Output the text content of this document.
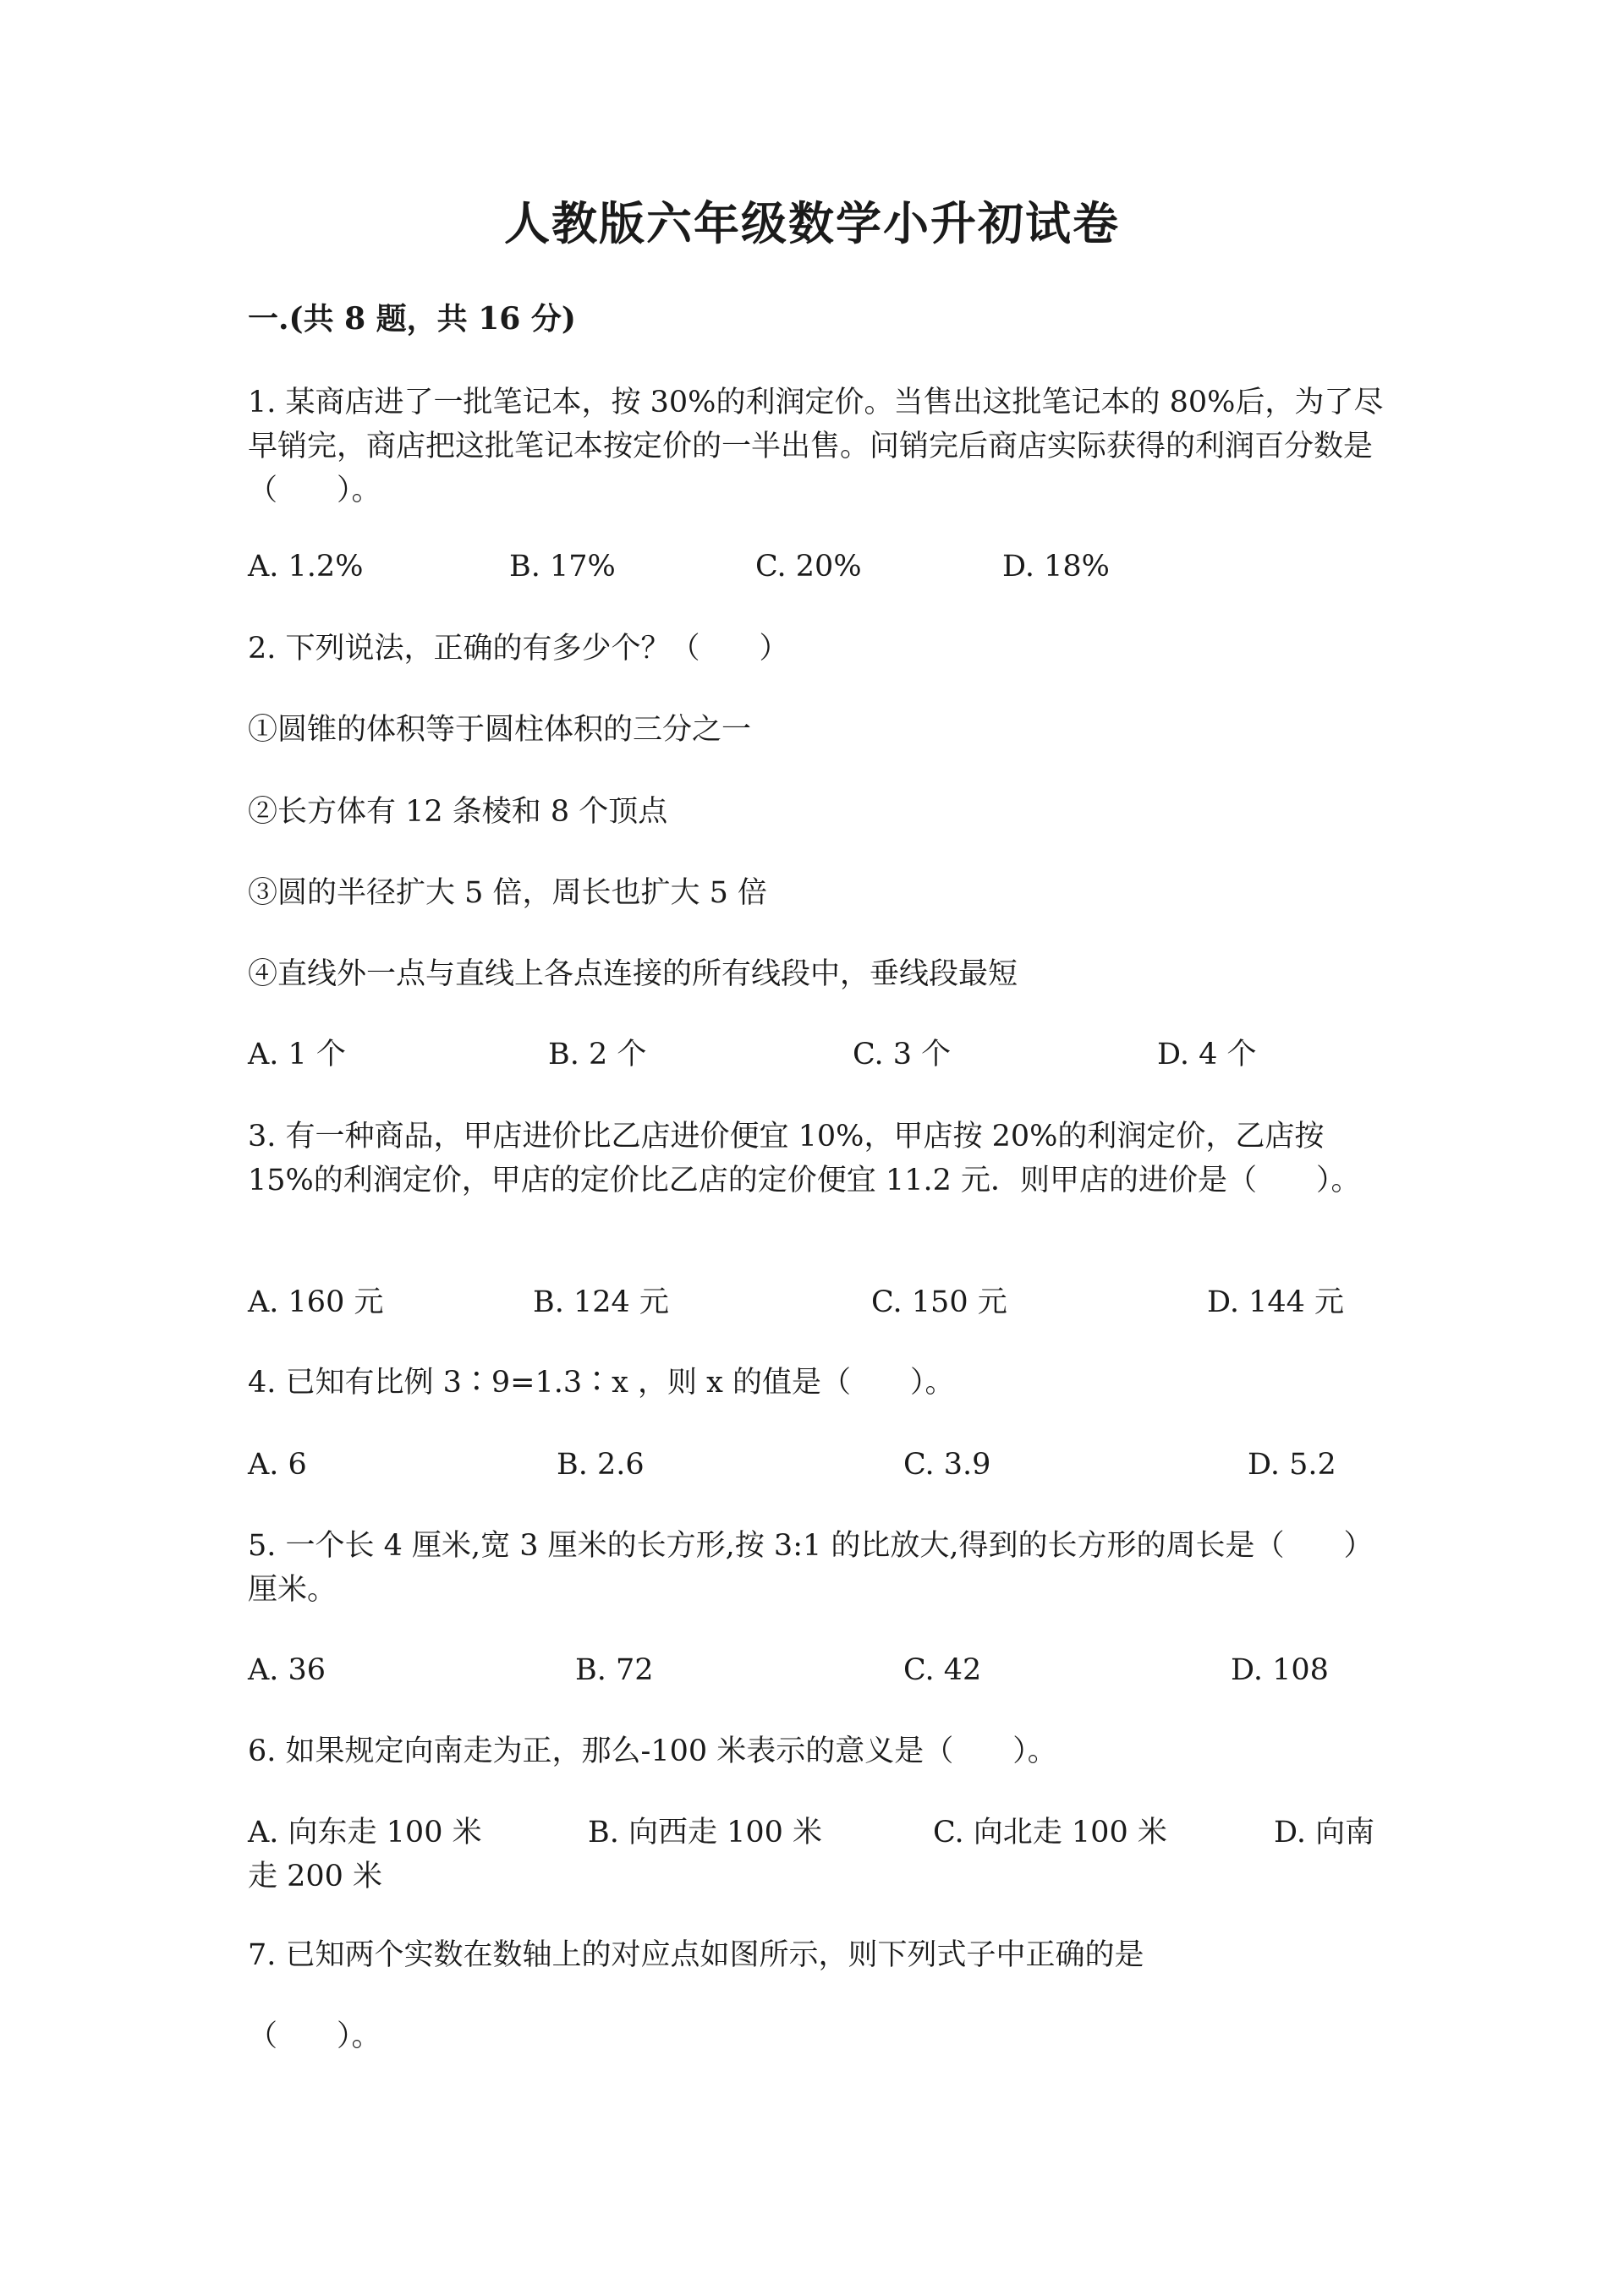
人教版六年级数学小升初试卷
一.(共 8 题，共 16 分)
1. 某商店进了一批笔记本，按 30%的利润定价。当售出这批笔记本的 80%后，为了尽早销完，商店把这批笔记本按定价的一半出售。问销完后商店实际获得的利润百分数是（　　）。
A. 1.2%	B. 17%	C. 20%	D. 18%
2. 下列说法，正确的有多少个？（　　）
①圆锥的体积等于圆柱体积的三分之一
②长方体有 12 条棱和 8 个顶点
③圆的半径扩大 5 倍，周长也扩大 5 倍
④直线外一点与直线上各点连接的所有线段中，垂线段最短
A. 1 个	B. 2 个	C. 3 个	D. 4 个
3. 有一种商品，甲店进价比乙店进价便宜 10%，甲店按 20%的利润定价，乙店按 15%的利润定价，甲店的定价比乙店的定价便宜 11.2 元．则甲店的进价是（　　）。
A. 160 元	B. 124 元	C. 150 元	D. 144 元
4. 已知有比例 3∶9=1.3∶x ，则 x 的值是（　　）。
A. 6	B. 2.6	C. 3.9	D. 5.2
5. 一个长 4 厘米,宽 3 厘米的长方形,按 3:1 的比放大,得到的长方形的周长是（　　）厘米。
A. 36	B. 72	C. 42	D. 108
6. 如果规定向南走为正，那么-100 米表示的意义是（　　）。
A. 向东走 100 米	B. 向西走 100 米	C. 向北走 100 米	D. 向南走 200 米
7. 已知两个实数在数轴上的对应点如图所示，则下列式子中正确的是
（　　）。
